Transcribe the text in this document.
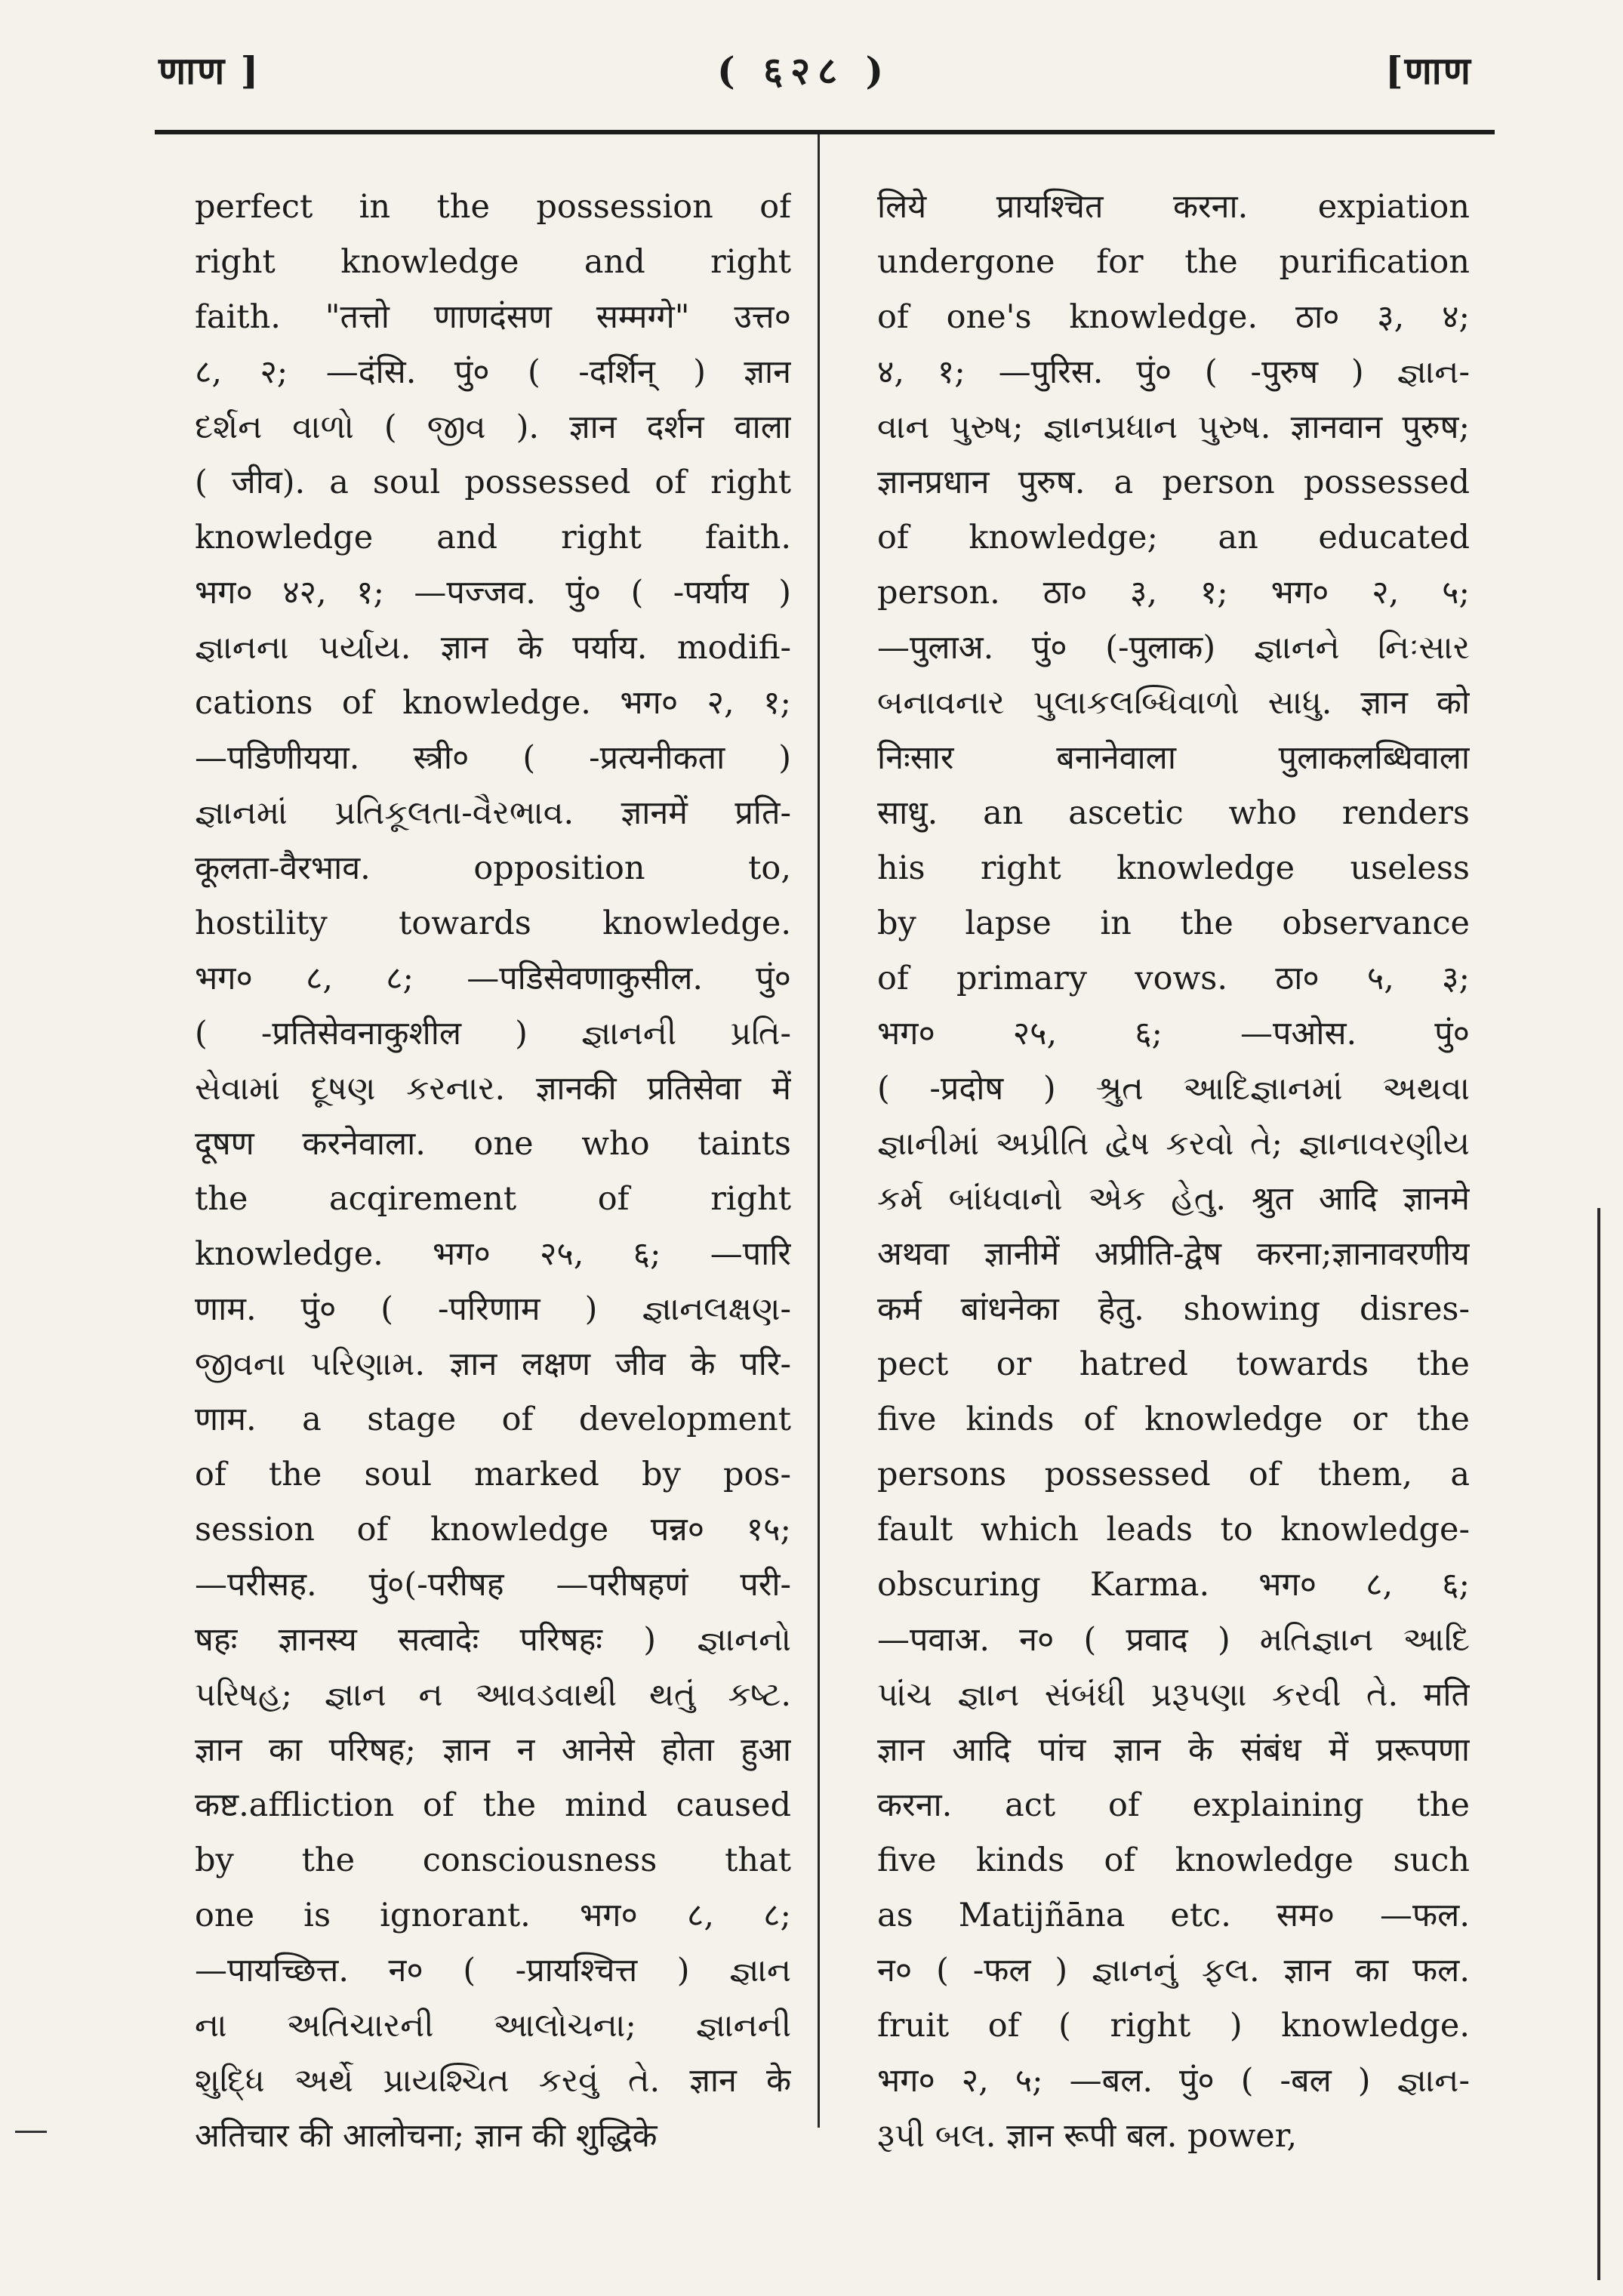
णाण ]	( ६२८ )	[णाण
perfect in the possession of
right knowledge and right
faith. "तत्तो णाणदंसण सम्मग्गे" उत्त०
८, २; —दंसि. पुं० ( -दर्शिन् ) ज्ञान
દર્શન વાળો ( જીવ ). ज्ञान दर्शन वाला
( जीव). a soul possessed of right
knowledge and right faith.
भग० ४२, १; —पज्जव. पुं० ( -पर्याय )
જ્ઞાનના પર્યાય. ज्ञान के पर्याय. modifi-
cations of knowledge. भग० २, १;
—पडिणीयया. स्त्री० ( -प्रत्यनीकता )
જ્ઞાનમાં પ્રતિકૂલતા-વૈરભાવ. ज्ञानमें प्रति-
कूलता-वैरभाव. opposition to,
hostility towards knowledge.
भग० ८, ८; —पडिसेवणाकुसील. पुं०
( -प्रतिसेवनाकुशील ) જ્ઞાનની પ્રતિ-
સેવામાં દૂષણ કરનાર. ज्ञानकी प्रतिसेवा में
दूषण करनेवाला. one who taints
the acqirement of right
knowledge. भग० २५, ६; —पारि
णाम. पुं० ( -परिणाम ) જ્ઞાનલક્ષણ-
જીવના પરિણામ. ज्ञान लक्षण जीव के परि-
णाम. a stage of development
of the soul marked by pos-
session of knowledge पन्न० १५;
—परीसह. पुं०(-परीषह —परीषहणं परी-
षहः ज्ञानस्य सत्वादेः परिषहः ) જ્ઞાનનો
પરિષહ; જ્ઞાન ન આવડવાથી થતું કષ્ટ.
ज्ञान का परिषह; ज्ञान न आनेसे होता हुआ
कष्ट.affliction of the mind caused
by the consciousness that
one is ignorant. भग० ८, ८;
—पायच्छित्त. न० ( -प्रायश्चित्त ) જ્ઞાન
ના અતિચારની આલોચના; જ્ઞાનની
શુદ્ધિ અર્થે પ્રાયશ્ચિત કરવું તે. ज्ञान के
अतिचार की आलोचना; ज्ञान की शुद्धिके
लिये प्रायश्चित करना. expiation
undergone for the purification
of one's knowledge. ठा० ३, ४;
४, १; —पुरिस. पुं० ( -पुरुष ) જ્ઞાન-
વાન પુરુષ; જ્ઞાનપ્રધાન પુરુષ. ज्ञानवान पुरुष;
ज्ञानप्रधान पुरुष. a person possessed
of knowledge; an educated
person. ठा० ३, १; भग० २, ५;
—पुलाअ. पुं० (-पुलाक) જ્ઞાનને નિઃસાર
બનાવનાર પુલાકલબ્ધિવાળો સાધુ. ज्ञान को
निःसार बनानेवाला पुलाकलब्धिवाला
साधु. an ascetic who renders
his right knowledge useless
by lapse in the observance
of primary vows. ठा० ५, ३;
भग० २५, ६; —पओस. पुं०
( -प्रदोष ) શ્રુત આદિજ્ઞાનમાં અથવા
જ્ઞાનીમાં અપ્રીતિ દ્વેષ કરવો તે; જ્ઞાનાવરણીય
કર્મ બાંધવાનો એક હેતુ. श्रुत आदि ज्ञानमे
अथवा ज्ञानीमें अप्रीति-द्वेष करना;ज्ञानावरणीय
कर्म बांधनेका हेतु. showing disres-
pect or hatred towards the
five kinds of knowledge or the
persons possessed of them, a
fault which leads to knowledge-
obscuring Karma. भग० ८, ६;
—पवाअ. न० ( प्रवाद ) મતિજ્ઞાન આદિ
પાંચ જ્ઞાન સંબંધી પ્રરૂપણા કરવી તે. मति
ज्ञान आदि पांच ज्ञान के संबंध में प्ररूपणा
करना. act of explaining the
five kinds of knowledge such
as Matijñāna etc. सम० —फल.
न० ( -फल ) જ્ઞાનનું ફલ. ज्ञान का फल.
fruit of ( right ) knowledge.
भग० २, ५; —बल. पुं० ( -बल ) જ્ઞાન-
રૂપી બલ. ज्ञान रूपी बल. power,
